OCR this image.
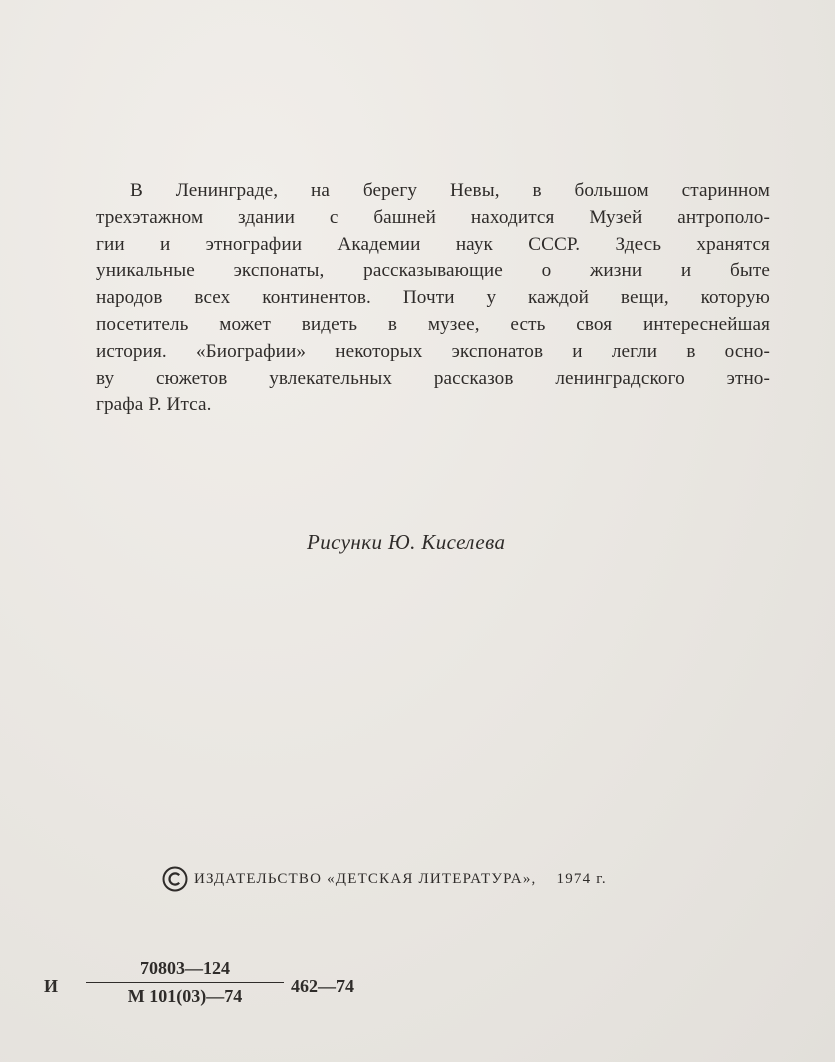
В Ленинграде, на берегу Невы, в большом старинном
трехэтажном здании с башней находится Музей антрополо-
гии и этнографии Академии наук СССР. Здесь хранятся
уникальные экспонаты, рассказывающие о жизни и быте
народов всех континентов. Почти у каждой вещи, которую
посетитель может видеть в музее, есть своя интереснейшая
история. «Биографии» некоторых экспонатов и легли в осно-
ву сюжетов увлекательных рассказов ленинградского этно-
графа Р. Итса.
Рисунки Ю. Киселева
ИЗДАТЕЛЬСТВО «ДЕТСКАЯ ЛИТЕРАТУРА», 1974 г.
И
70803—124
М 101(03)—74	462—74
